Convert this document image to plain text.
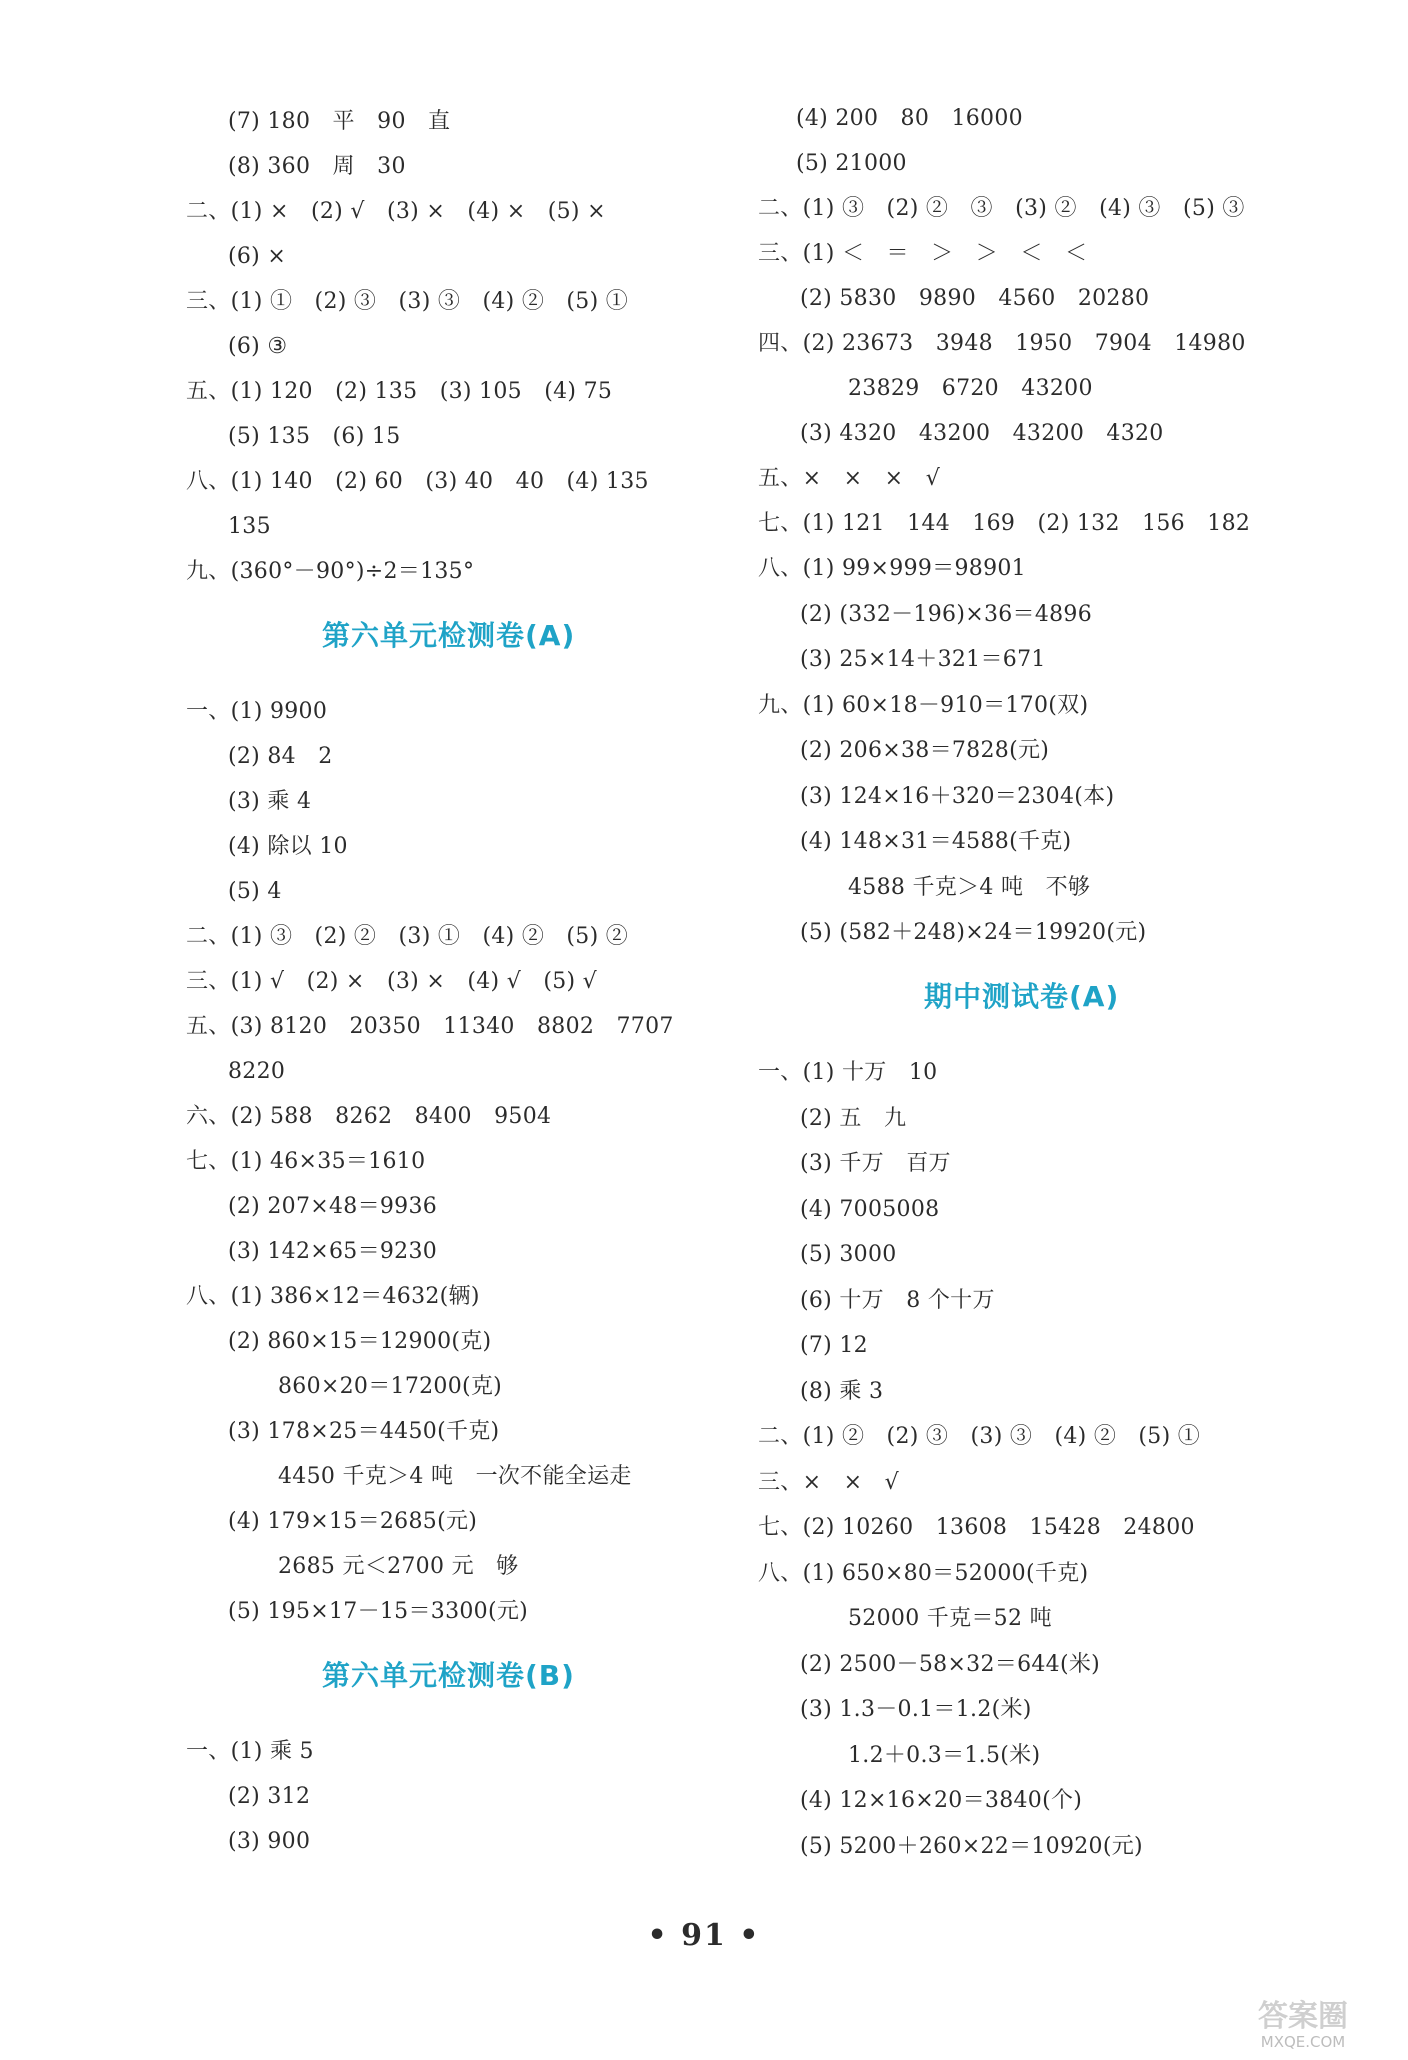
(7) 180　平　90　直
(8) 360　周　30
二、(1) ×　(2) √　(3) ×　(4) ×　(5) ×
(6) ×
三、(1) ①　(2) ③　(3) ③　(4) ②　(5) ①
(6) ③
五、(1) 120　(2) 135　(3) 105　(4) 75
(5) 135　(6) 15
八、(1) 140　(2) 60　(3) 40　40　(4) 135
135
九、(360°－90°)÷2＝135°
第六单元检测卷(A)
一、(1) 9900
(2) 84　2
(3) 乘 4
(4) 除以 10
(5) 4
二、(1) ③　(2) ②　(3) ①　(4) ②　(5) ②
三、(1) √　(2) ×　(3) ×　(4) √　(5) √
五、(3) 8120　20350　11340　8802　7707
8220
六、(2) 588　8262　8400　9504
七、(1) 46×35＝1610
(2) 207×48＝9936
(3) 142×65＝9230
八、(1) 386×12＝4632(辆)
(2) 860×15＝12900(克)
860×20＝17200(克)
(3) 178×25＝4450(千克)
4450 千克＞4 吨　一次不能全运走
(4) 179×15＝2685(元)
2685 元＜2700 元　够
(5) 195×17－15＝3300(元)
第六单元检测卷(B)
一、(1) 乘 5
(2) 312
(3) 900
(4) 200　80　16000
(5) 21000
二、(1) ③　(2) ②　③　(3) ②　(4) ③　(5) ③
三、(1) ＜　＝　＞　＞　＜　＜
(2) 5830　9890　4560　20280
四、(2) 23673　3948　1950　7904　14980
23829　6720　43200
(3) 4320　43200　43200　4320
五、×　×　×　√
七、(1) 121　144　169　(2) 132　156　182
八、(1) 99×999＝98901
(2) (332－196)×36＝4896
(3) 25×14＋321＝671
九、(1) 60×18－910＝170(双)
(2) 206×38＝7828(元)
(3) 124×16＋320＝2304(本)
(4) 148×31＝4588(千克)
4588 千克＞4 吨　不够
(5) (582＋248)×24＝19920(元)
期中测试卷(A)
一、(1) 十万　10
(2) 五　九
(3) 千万　百万
(4) 7005008
(5) 3000
(6) 十万　8 个十万
(7) 12
(8) 乘 3
二、(1) ②　(2) ③　(3) ③　(4) ②　(5) ①
三、×　×　√
七、(2) 10260　13608　15428　24800
八、(1) 650×80＝52000(千克)
52000 千克＝52 吨
(2) 2500－58×32＝644(米)
(3) 1.3－0.1＝1.2(米)
1.2＋0.3＝1.5(米)
(4) 12×16×20＝3840(个)
(5) 5200＋260×22＝10920(元)
• 91 •
答案圈
MXQE.COM
